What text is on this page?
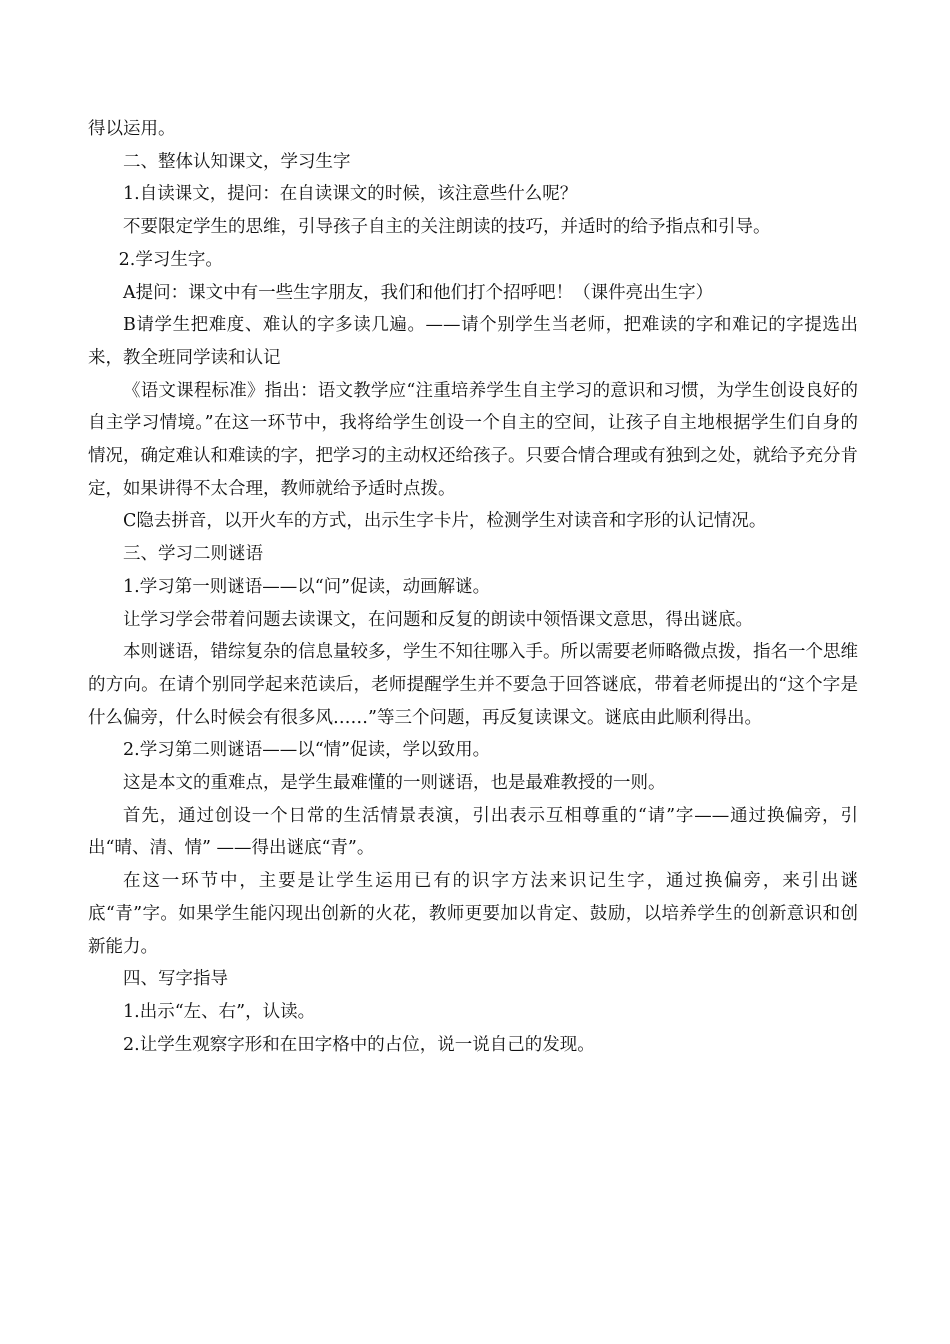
得以运用。

二、整体认知课文，学习生字

1.自读课文，提问：在自读课文的时候，该注意些什么呢？

不要限定学生的思维，引导孩子自主的关注朗读的技巧，并适时的给予指点和引导。

2.学习生字。

A提问：课文中有一些生字朋友，我们和他们打个招呼吧！（课件亮出生字）

B请学生把难度、难认的字多读几遍。——请个别学生当老师，把难读的字和难记的字提选出来，教全班同学读和认记

《语文课程标准》指出：语文教学应“注重培养学生自主学习的意识和习惯，为学生创设良好的自主学习情境。”在这一环节中，我将给学生创设一个自主的空间，让孩子自主地根据学生们自身的情况，确定难认和难读的字，把学习的主动权还给孩子。只要合情合理或有独到之处，就给予充分肯定，如果讲得不太合理，教师就给予适时点拨。

C隐去拼音，以开火车的方式，出示生字卡片，检测学生对读音和字形的认记情况。

三、学习二则谜语

1.学习第一则谜语——以“问”促读，动画解谜。

让学习学会带着问题去读课文，在问题和反复的朗读中领悟课文意思，得出谜底。

本则谜语，错综复杂的信息量较多，学生不知往哪入手。所以需要老师略微点拨，指名一个思维的方向。在请个别同学起来范读后，老师提醒学生并不要急于回答谜底，带着老师提出的“这个字是什么偏旁，什么时候会有很多风……”等三个问题，再反复读课文。谜底由此顺利得出。

2.学习第二则谜语——以“情”促读，学以致用。

这是本文的重难点，是学生最难懂的一则谜语，也是最难教授的一则。

首先，通过创设一个日常的生活情景表演，引出表示互相尊重的“请”字——通过换偏旁，引出“晴、清、情” ——得出谜底“青”。

在这一环节中，主要是让学生运用已有的识字方法来识记生字，通过换偏旁，来引出谜底“青”字。如果学生能闪现出创新的火花，教师更要加以肯定、鼓励，以培养学生的创新意识和创新能力。

四、写字指导

1.出示“左、右”，认读。

2.让学生观察字形和在田字格中的占位，说一说自己的发现。
